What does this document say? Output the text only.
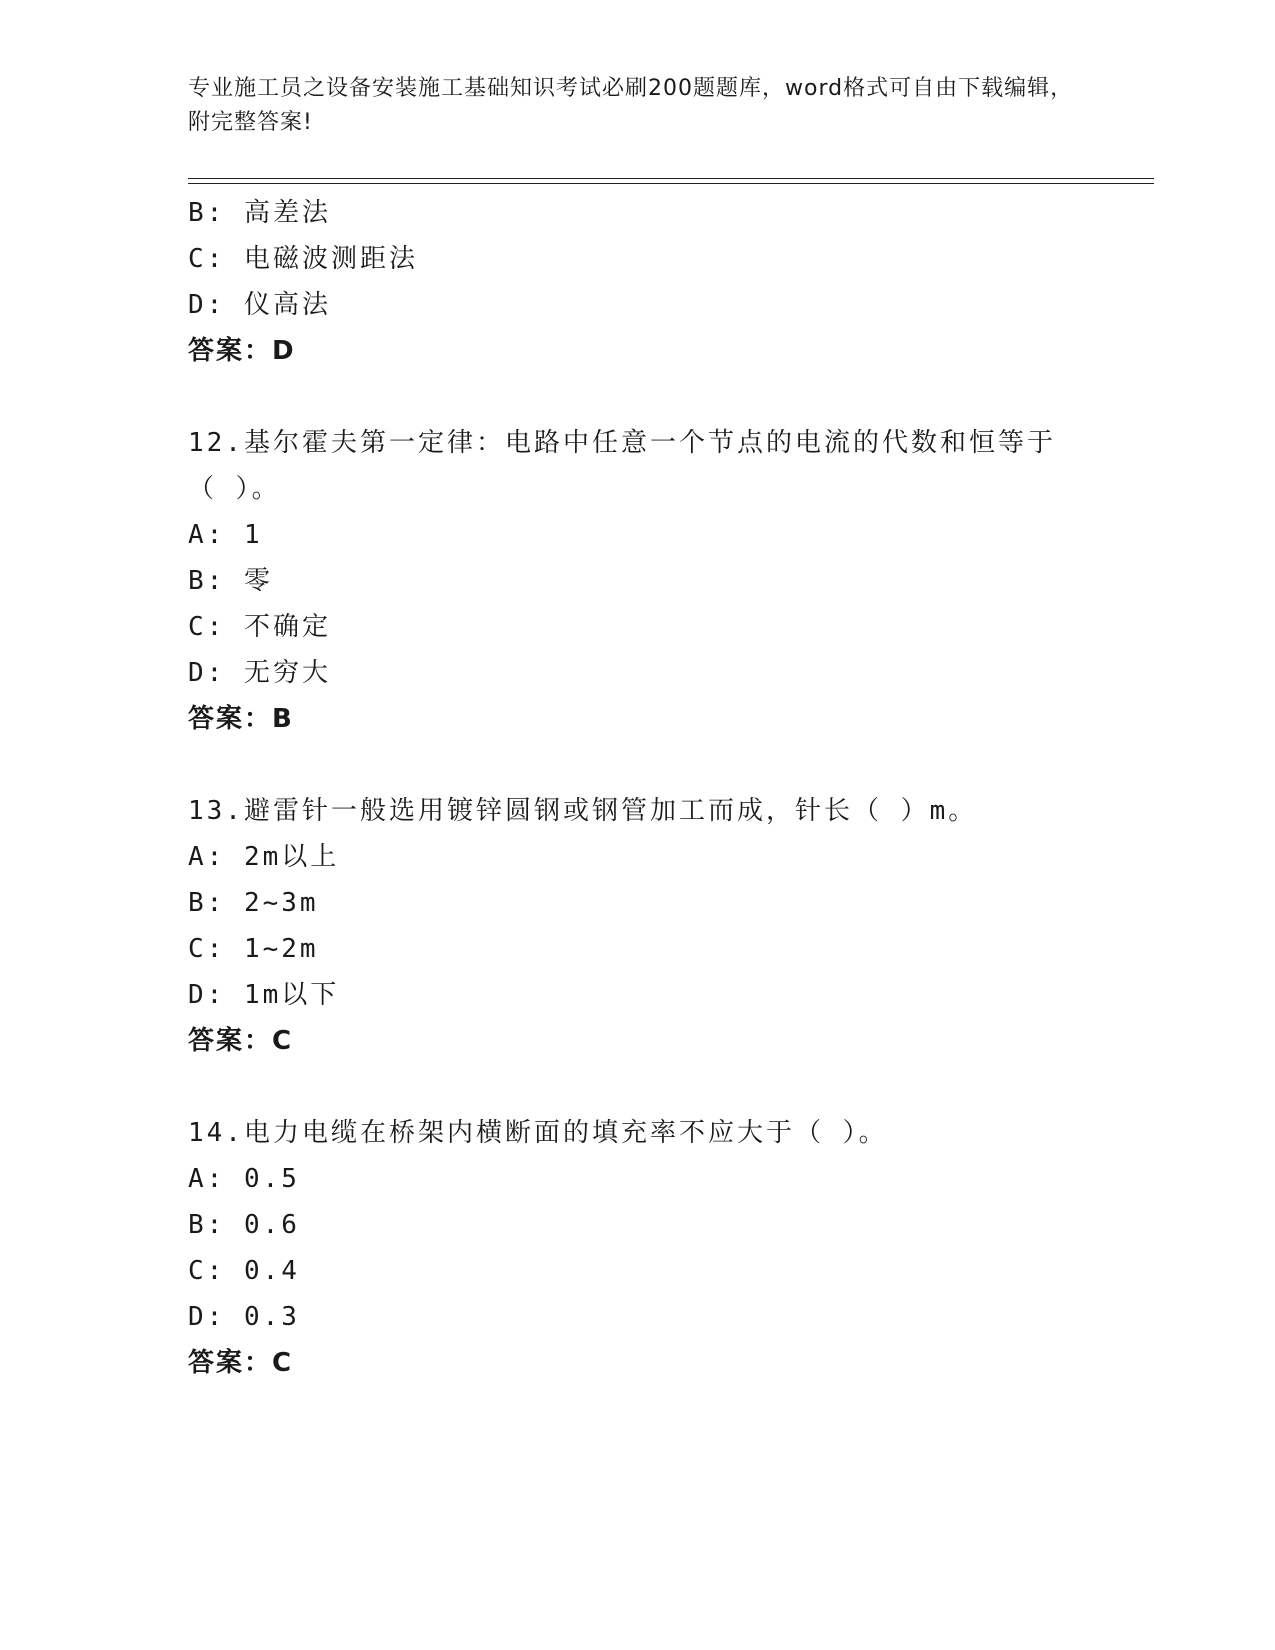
专业施工员之设备安装施工基础知识考试必刷200题题库，word格式可自由下载编辑，附完整答案!
B: 高差法
C: 电磁波测距法
D: 仪高法
答案：D
12.基尔霍夫第一定律：电路中任意一个节点的电流的代数和恒等于（ ）。
A: 1
B: 零
C: 不确定
D: 无穷大
答案：B
13.避雷针一般选用镀锌圆钢或钢管加工而成，针长（ ）m。
A: 2m以上
B: 2~3m
C: 1~2m
D: 1m以下
答案：C
14.电力电缆在桥架内横断面的填充率不应大于（ ）。
A: 0.5
B: 0.6
C: 0.4
D: 0.3
答案：C
